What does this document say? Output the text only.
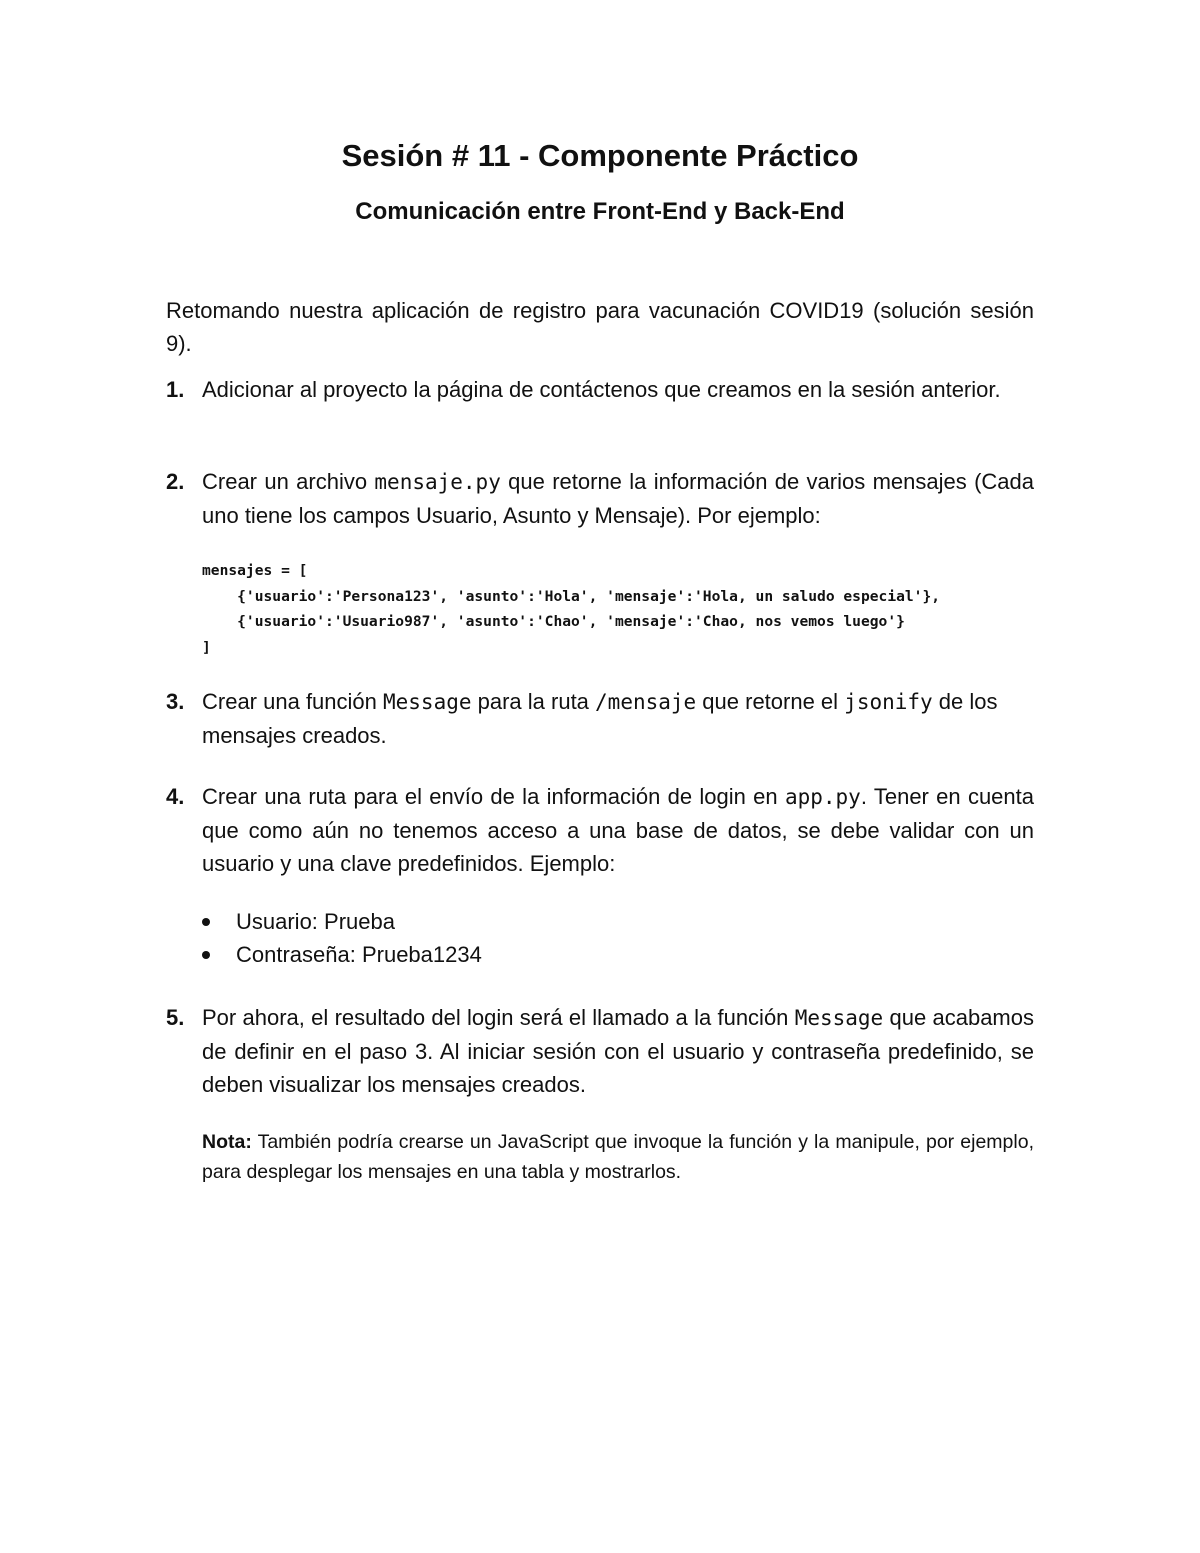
Sesión # 11 - Componente Práctico
Comunicación entre Front-End y Back-End

Retomando nuestra aplicación de registro para vacunación COVID19 (solución sesión 9).

1. Adicionar al proyecto la página de contáctenos que creamos en la sesión anterior.
2. Crear un archivo mensaje.py que retorne la información de varios mensajes (Cada uno tiene los campos Usuario, Asunto y Mensaje). Por ejemplo:
mensajes = [
{'usuario':'Persona123', 'asunto':'Hola', 'mensaje':'Hola, un saludo especial'},
{'usuario':'Usuario987', 'asunto':'Chao', 'mensaje':'Chao, nos vemos luego'}
]
3. Crear una función Message para la ruta /mensaje que retorne el jsonify de los mensajes creados.
4. Crear una ruta para el envío de la información de login en app.py. Tener en cuenta que como aún no tenemos acceso a una base de datos, se debe validar con un usuario y una clave predefinidos. Ejemplo:
Usuario: Prueba
Contraseña: Prueba1234
5. Por ahora, el resultado del login será el llamado a la función Message que acabamos de definir en el paso 3. Al iniciar sesión con el usuario y contraseña predefinido, se deben visualizar los mensajes creados.

Nota: También podría crearse un JavaScript que invoque la función y la manipule, por ejemplo, para desplegar los mensajes en una tabla y mostrarlos.
